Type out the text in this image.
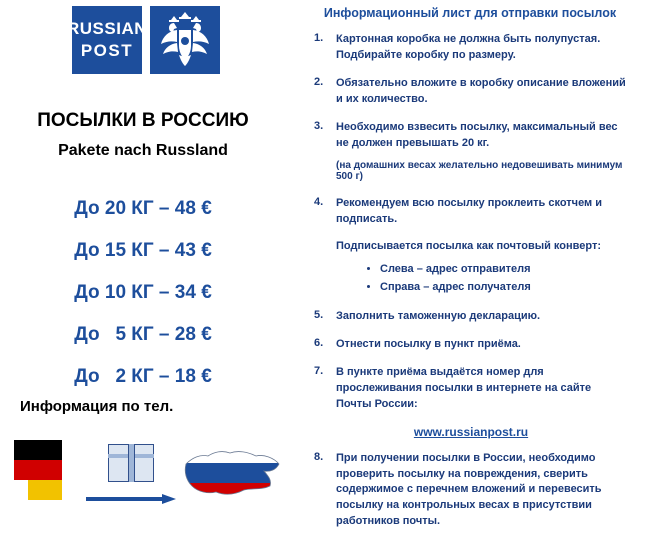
RUSSIAN
POST
ПОСЫЛКИ В РОССИЮ
Pakete nach Russland
До 20 КГ – 48 €
До 15 КГ – 43 €
До 10 КГ – 34 €
До   5 КГ – 28 €
До   2 КГ – 18 €
Информация по тел.
Информационный лист для отправки посылок
1.	Картонная коробка не должна быть полупустая. Подбирайте коробку по размеру.
2.	Обязательно вложите в коробку описание вложений и их количество.
3.	Необходимо взвесить посылку, максимальный вес не должен превышать 20 кг.
(на домашних весах желательно недовешивать минимум 500 г)
4.	Рекомендуем всю посылку проклеить скотчем и подписать.
Подписывается посылка как почтовый конверт:
• Слева – адрес отправителя
• Справа – адрес получателя
5.	Заполнить таможенную декларацию.
6.	Отнести посылку в пункт приёма.
7.	В пункте приёма выдаётся номер для прослеживания посылки в интернете на сайте Почты России:
www.russianpost.ru
8.	При получении посылки в России, необходимо проверить посылку на повреждения, сверить содержимое с перечнем вложений и перевесить посылку на контрольных весах в присутствии работников почты.
